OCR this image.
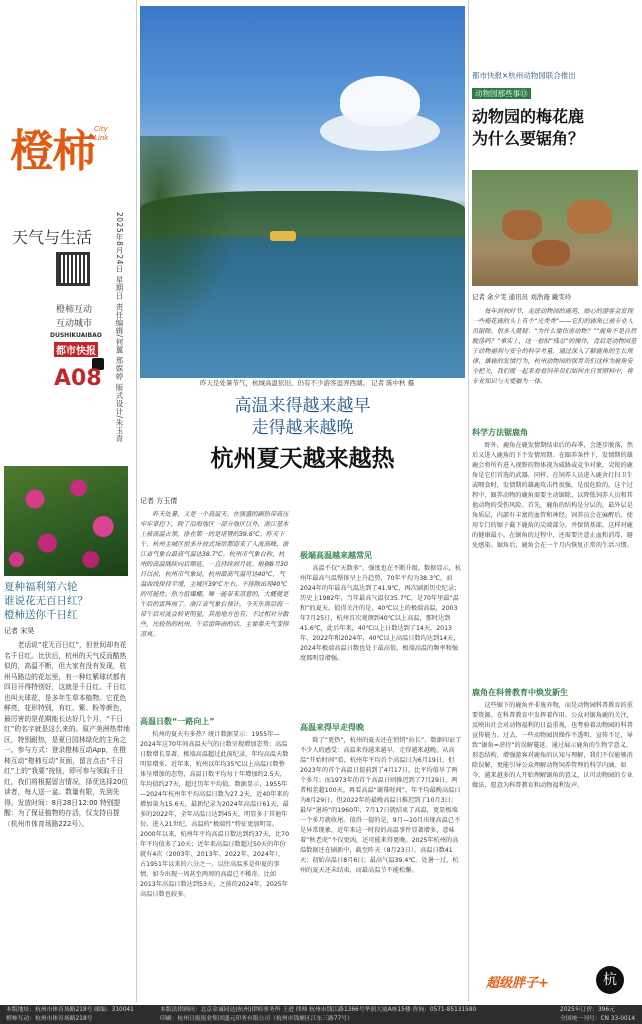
橙柿 City Link
天气与生活
橙柿互动
互动城市
DUSHIKUAIBAO
都市快报
A08 2025年8月24日 星期日 责任编辑/何翼 邢娱婷 版式设计/朱玉青
夏种福利第六轮
谁说花无百日红？
橙柿送你千日红
记者 宋昊
老话说“花无百日红”，但世间却有花名千日红。比伏后，杭州的天气反而酷热似的，高温不断，但大家有没有发现，杭州马路边的花坛里，有一种红紫球状都有四目开得特别好，这就是千日红。千日红也叫火球花，是多年生草本植物。它花色鲜亮，花形特别，有红、紫、粉等颜色，最厉害的是花期能长达好几个月，“千日红”的名字就是这么来的。原产美洲热带地区，特别耐热，是夏日园林绿化的主角之一。参与方式：登录橙柿互动App，在橙柿互动“橙柿互动”页面，留言点击“千日红”上的“我要”按钮，即可参与领取千日红，我们将根据留言情况，择优选择20位读者，每人送一盆。数量有限，先到先得。发放时间：8月28日12:00 特别提醒：为了保证植物的存活，仅支持自提（杭州市体育场路222号）。
昨天是处暑节气，杭城高温依旧，仍有不少游客逗弄西湖。 记者 陈中秋 摄
高温来得越来越早
走得越来越晚
杭州夏天越来越热
记者 方玉倩
昨天处暑，又是一个高温天。在强盛的副热带高压牢牢掌控下，除了沿海地区一部分地区以外，浙江基本上被高温占领，排在第一的是诸暨的39.6℃。昨天下午，杭州主城区很多开放式场馆都迎来了人流高峰，浙江省气象台最高气温达38.7℃。杭州市气象台称，杭州的高温继续向后顺延，一直持续到月底。根据8月30日以前，杭州市气象局，杭州最高气温可达40℃，气温曲线保持平缓，主城区39℃左右，不排除出现40℃的可能性。热力值爆棚，唯一能带来凉意的，大概就是午后的雷阵雨了。浙江省气象台预计，今天东南沿海一带午后对流会转更明显，其他地方也有，不过相对分散些，比较热的杭州，午后雷阵雨的话，主要靠天气变得凉爽。
高温日数“一路向上”
杭州的夏天有多热？统计数据显示：1955年—2024年这70年间高温天气的日数呈现增加态势；高温日数增长显著，极端高温超过此前纪录，年均高温天数明显增多。近年来，杭州以年均35℃以上高温日数整体呈增加的态势，高温日数平均每十年增加约2.5天，年均值约27天，超过历年平均值。数据显示，1955年—2024年杭州年平均高温日数为27.2天，近40年来的增加量为15.6天，最新纪录为2024年高温日61天，最多的2022年，全年高温日达到45天，明显多于其他年份。进入21世纪，高温的“极端性”特征更加明显。2000年以来，杭州年平均高温日数达到约37天，比70年平均值多了10天；近年来高温日数超过50天的年份就有4次（2003年、2013年、2022年、2024年），占1951年以来的六分之一。以往高温多是仲夏的事情，如今出现一周甚至两周的高温已不稀奇。比如2013年高温日数达到53天，之前的2024年，2025年高温日数也较多。
极端高温越来越常见
高温不仅“天数多”，强度也在不断升级。数据显示，杭州年最高气温整体呈上升趋势，70年平均为38.3℃，而2024年的年最高气温达到了41.9℃，再次刷新历史纪录；历史上1982年，当年最高气温仅35.7℃，是70年里最“温和”的夏天。值得关注的是，40℃以上的极端高温，2003年7月25日，杭州首次观测到40℃以上高温，那时达到41.6℃，此后年来，40℃以上日数达到了14天，2013年、2022年和2024年，40℃以上高温日数均达到14天，2024年极端高温日数也处于最高值，极端高温的频率和强度都明显增强。
高温来得早走得晚
除了“更热”，杭州的夏天还在悄悄“拉长”。数据印证了不少人的感受：高温来得越来越早，走得越来越晚。从高温“开始时间”看，杭州年平均首个高温日为6月19日，但2023年的首个高温日提前到了4月17日，比平均值早了两个多月；而1973年的首个高温日则推迟到了7月29日，两者相差超100天。再看高温“谢幕时间”，年平均最晚高温日为8月29日，但2022年的最晚高温日推迟到了10月3日；最早“退场”的1960年，7月17日就结束了高温，更显极端一个多月就收尾。值得一提的是，9月—10月出现高温已不是异常现象，近年来这一时段的高温事件显著增多，意味着“秋老虎”不仅更凶，还可能来得更晚。2025年杭州的高温数据还在刷新中，截至昨天（8月23日），高温日数41天；初始高温日8月6日；最高气温39.4℃。处暑一过，杭州的夏天还未结束，而最高温节不能松懈。
都市快报×杭州动物园联合推出
动物园那些事⑬
动物园的梅花鹿
为什么要锯角？
记者 余夕雯 通讯员 刘浩淹 戴雯玲
每年到秋时节，走进动物园的鹿苑，细心的游客会发现一些梅花鹿的头上有个“光秃秃”——它们的鹿角已被专业人员锯除。很多人就疑：“为什么要伤害动物？”“鹿角不是自然脱落吗？”事实上，这一看似“残忍”的操作，背后是动物园基于动物福利与安全的科学考量。通过深入了解鹿角的生长规律、雄鹿的发情行为，杭州动物园的保育员们这样为鹿角安全把关，我们就一起来看看饲养员们如何在日常照料中，将专业知识与关爱融为一体。
科学方法锯鹿角
野外，鹿角在鹿发情期结束后的春季，会逐步脱落，然后又进入鹿角的下个发情周期。在圈养条件下，发情期的雄鹿会将所有进入视野的物体视为威胁或竞争对象，尖锐的鹿角是它们首选的武器。同样，在饲养人员进入鹿舍打扫卫生或喂食时，发情期的雄鹿攻击性很强，是很危险的。这个过程中，圈养动物的鹿角需要主动锯除，以降低饲养人员和其他动物的受伤风险。首先，鹿角的结构是分层的，最外层是角质层，内部有丰富的血管和神经。饲养员会在麻醉后，使用专门的锯子截下鹿角的尖端部分，并保留基部，这样对鹿的健康最小。在锯角的过程中，还需要注意止血和消毒，避免感染。锯角后，鹿角会在一个月内恢复正常的生活习惯。
鹿角在科普教育中焕发新生
这些锯下的鹿角并非废弃物，而是动物园科普教育的重要资源。在科普教育中发挥着作用。公众对锯角鹿的关注，反映出社会对动物福利的日益重视，也考验着动物园的科普宣传能力。过去，一些动物园因操作不透明、宣传不足，导致“锯角=虐待”的误解蔓延。通过展示鹿角的生物学意义、形态结构，增强游客对鹿角的认知与理解，我们不仅能够消除误解，更能引导公众理解动物饲养管理的科学内涵。如今，越来越多的人开始理解锯角的意义，认可动物园的专业做法，愿意为科普教育和动物福利发声。
超级胖子+	杭
本版地址：杭州市体育场路218号 邮编：310041
橙柿互动：杭州市体育场路218号
本版法律顾问：北京金诚同达(杭州)律师事务所 王进 律师 杭州市钱江路1366号华润大厦A座15楼 咨询：0571-85131580
印刷：杭州日报报业集团盛元印务有限公司（杭州市钱塘区江东三路77号）
2025年订价：396元
全国统一刊号：CN 33-0014
